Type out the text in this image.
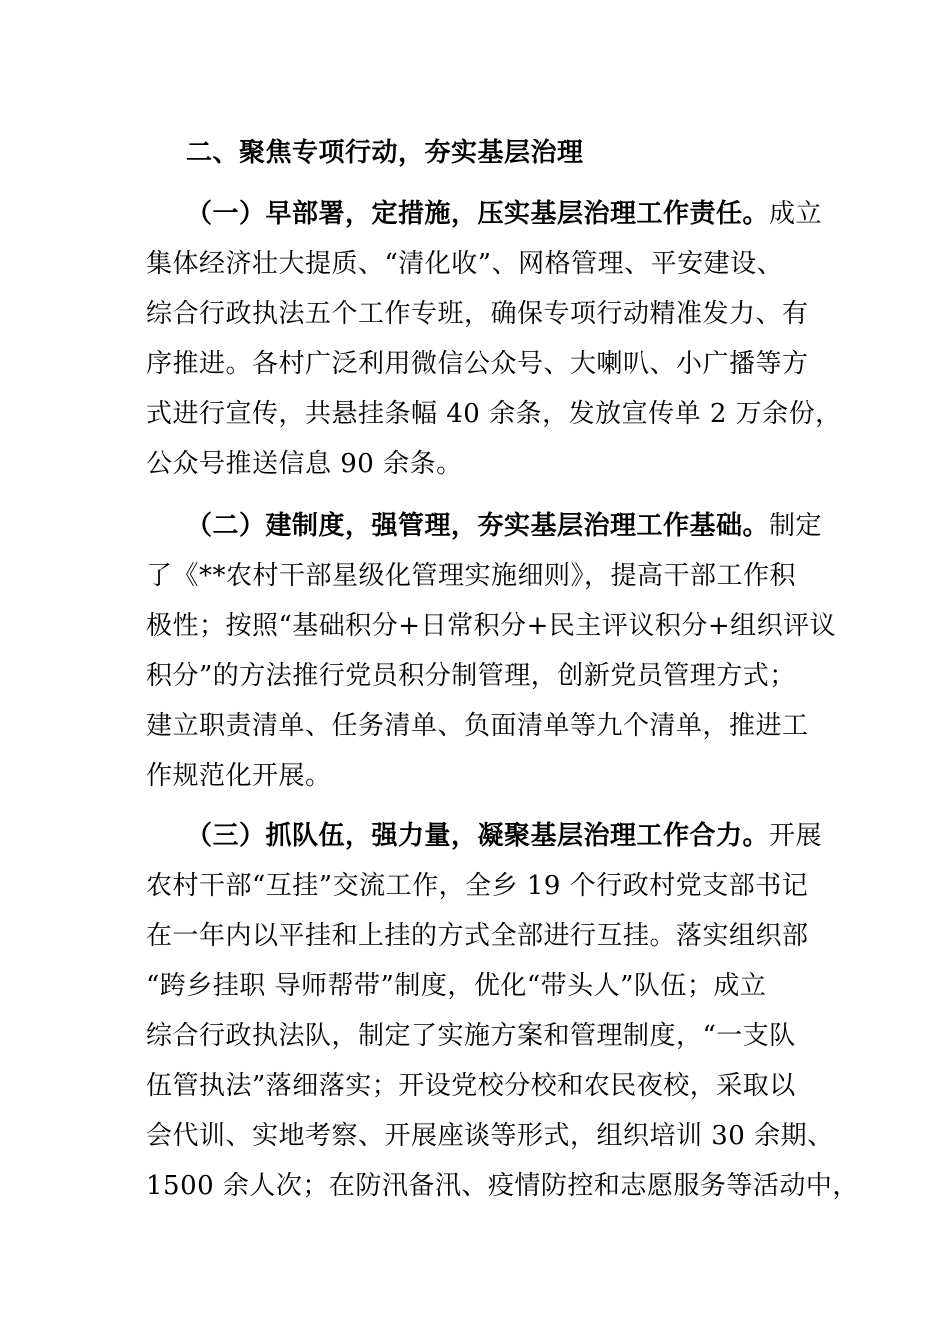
二、聚焦专项行动，夯实基层治理
（一）早部署，定措施，压实基层治理工作责任。成立
集体经济壮大提质、“清化收”、网格管理、平安建设、
综合行政执法五个工作专班，确保专项行动精准发力、有
序推进。各村广泛利用微信公众号、大喇叭、小广播等方
式进行宣传，共悬挂条幅 40 余条，发放宣传单 2 万余份，
公众号推送信息 90 余条。
（二）建制度，强管理，夯实基层治理工作基础。制定
了《**农村干部星级化管理实施细则》，提高干部工作积
极性；按照“基础积分+日常积分+民主评议积分+组织评议
积分”的方法推行党员积分制管理，创新党员管理方式；
建立职责清单、任务清单、负面清单等九个清单，推进工
作规范化开展。
（三）抓队伍，强力量，凝聚基层治理工作合力。开展
农村干部“互挂”交流工作，全乡 19 个行政村党支部书记
在一年内以平挂和上挂的方式全部进行互挂。落实组织部
“跨乡挂职 导师帮带”制度，优化“带头人”队伍；成立
综合行政执法队，制定了实施方案和管理制度，“一支队
伍管执法”落细落实；开设党校分校和农民夜校，采取以
会代训、实地考察、开展座谈等形式，组织培训 30 余期、
1500 余人次；在防汛备汛、疫情防控和志愿服务等活动中，
